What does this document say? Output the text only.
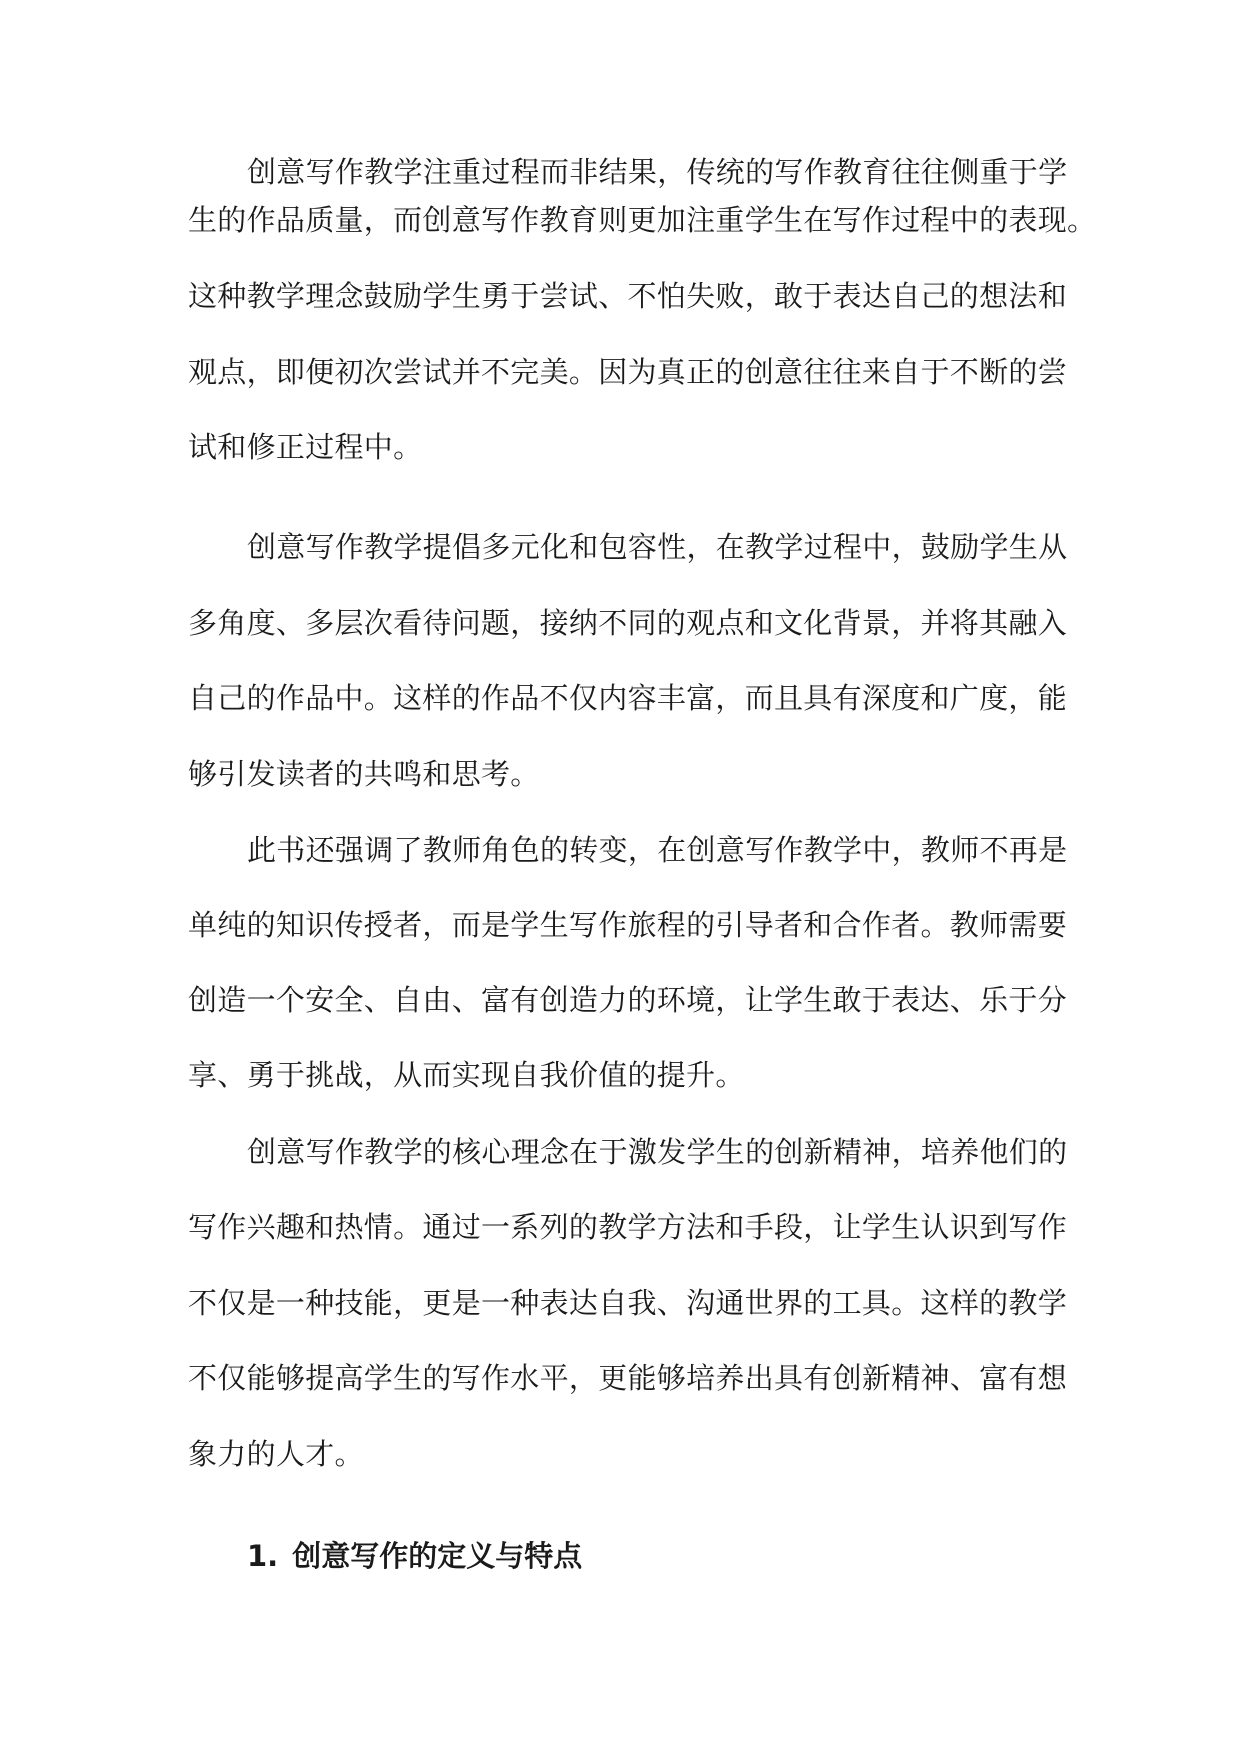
创意写作教学注重过程而非结果，传统的写作教育往往侧重于学
生的作品质量，而创意写作教育则更加注重学生在写作过程中的表现。
这种教学理念鼓励学生勇于尝试、不怕失败，敢于表达自己的想法和
观点，即便初次尝试并不完美。因为真正的创意往往来自于不断的尝
试和修正过程中。
创意写作教学提倡多元化和包容性，在教学过程中，鼓励学生从
多角度、多层次看待问题，接纳不同的观点和文化背景，并将其融入
自己的作品中。这样的作品不仅内容丰富，而且具有深度和广度，能
够引发读者的共鸣和思考。
此书还强调了教师角色的转变，在创意写作教学中，教师不再是
单纯的知识传授者，而是学生写作旅程的引导者和合作者。教师需要
创造一个安全、自由、富有创造力的环境，让学生敢于表达、乐于分
享、勇于挑战，从而实现自我价值的提升。
创意写作教学的核心理念在于激发学生的创新精神，培养他们的
写作兴趣和热情。通过一系列的教学方法和手段，让学生认识到写作
不仅是一种技能，更是一种表达自我、沟通世界的工具。这样的教学
不仅能够提高学生的写作水平，更能够培养出具有创新精神、富有想
象力的人才。
1. 创意写作的定义与特点
